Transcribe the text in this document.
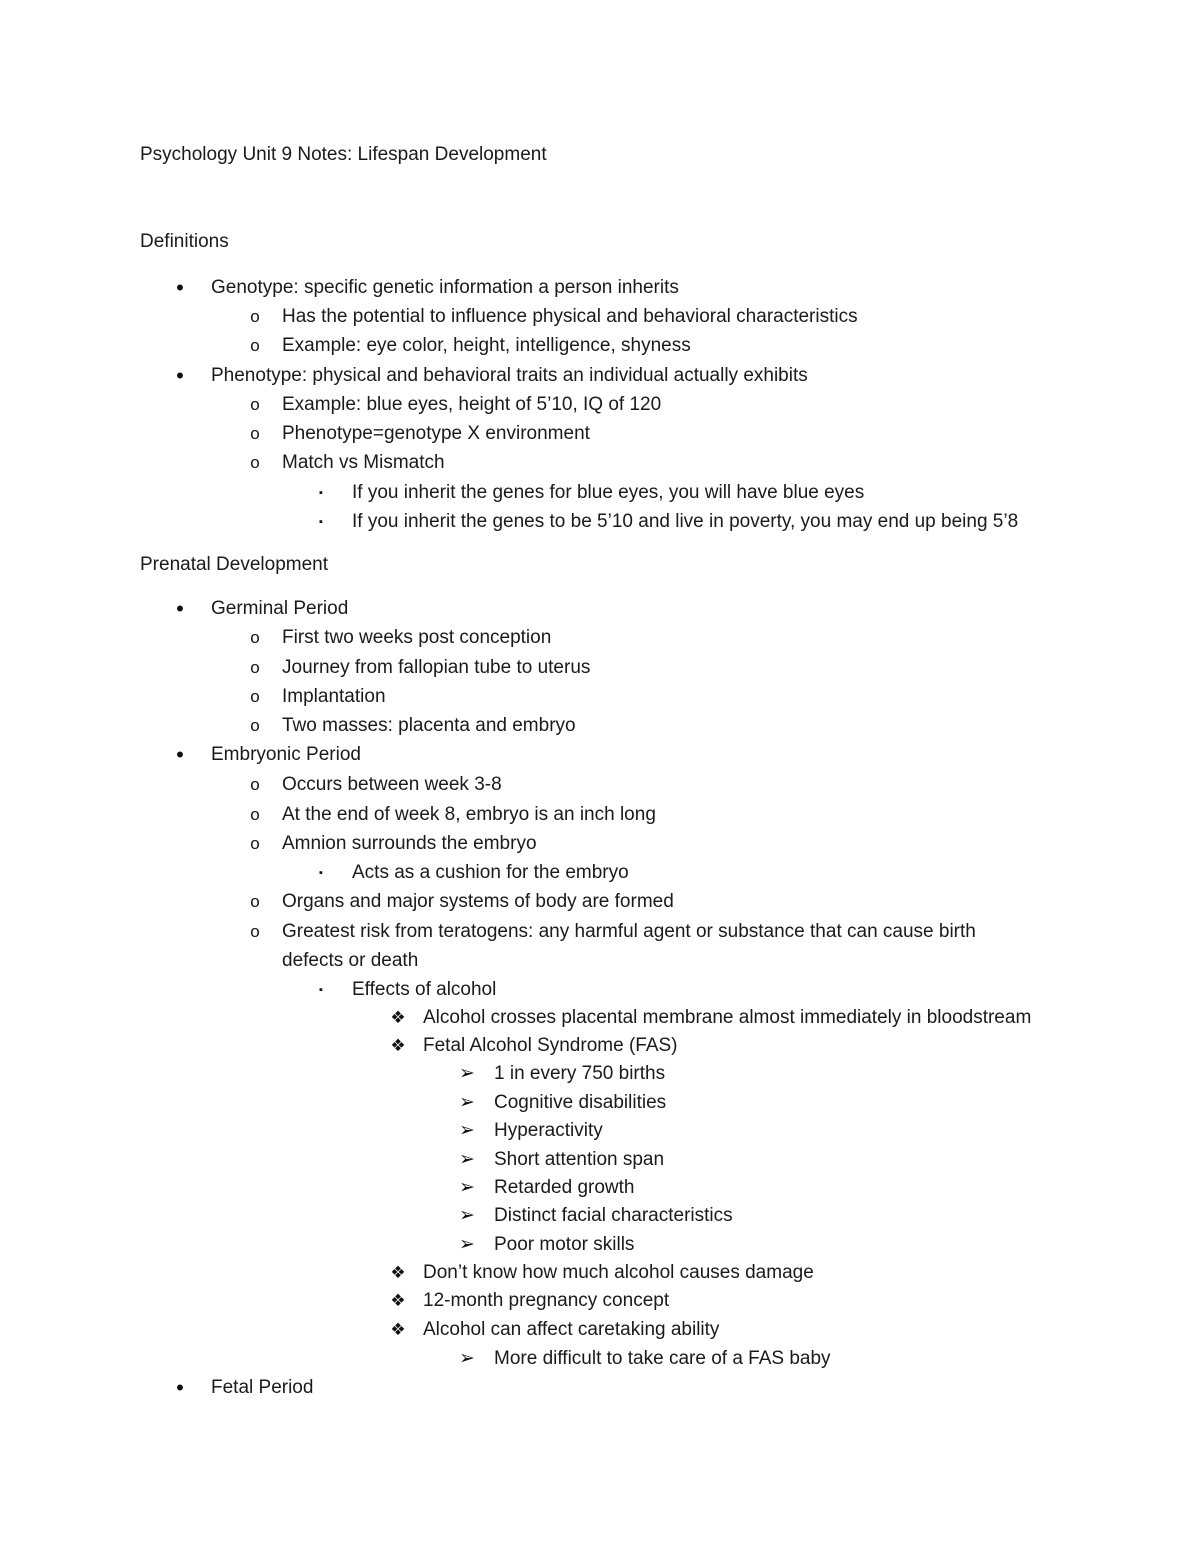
Psychology Unit 9 Notes: Lifespan Development
Definitions
•	Genotype: specific genetic information a person inherits
o	Has the potential to influence physical and behavioral characteristics
o	Example: eye color, height, intelligence, shyness
•	Phenotype: physical and behavioral traits an individual actually exhibits
o	Example: blue eyes, height of 5’10, IQ of 120
o	Phenotype=genotype X environment
o	Match vs Mismatch
▪	If you inherit the genes for blue eyes, you will have blue eyes
▪	If you inherit the genes to be 5’10 and live in poverty, you may end up being 5’8
Prenatal Development
•	Germinal Period
o	First two weeks post conception
o	Journey from fallopian tube to uterus
o	Implantation
o	Two masses: placenta and embryo
•	Embryonic Period
o	Occurs between week 3-8
o	At the end of week 8, embryo is an inch long
o	Amnion surrounds the embryo
▪	Acts as a cushion for the embryo
o	Organs and major systems of body are formed
o	Greatest risk from teratogens: any harmful agent or substance that can cause birth
defects or death
▪	Effects of alcohol
❖ Alcohol crosses placental membrane almost immediately in bloodstream
❖ Fetal Alcohol Syndrome (FAS)
➢ 1 in every 750 births
➢ Cognitive disabilities
➢ Hyperactivity
➢ Short attention span
➢ Retarded growth
➢ Distinct facial characteristics
➢ Poor motor skills
❖ Don’t know how much alcohol causes damage
❖ 12-month pregnancy concept
❖ Alcohol can affect caretaking ability
➢ More difficult to take care of a FAS baby
•	Fetal Period
